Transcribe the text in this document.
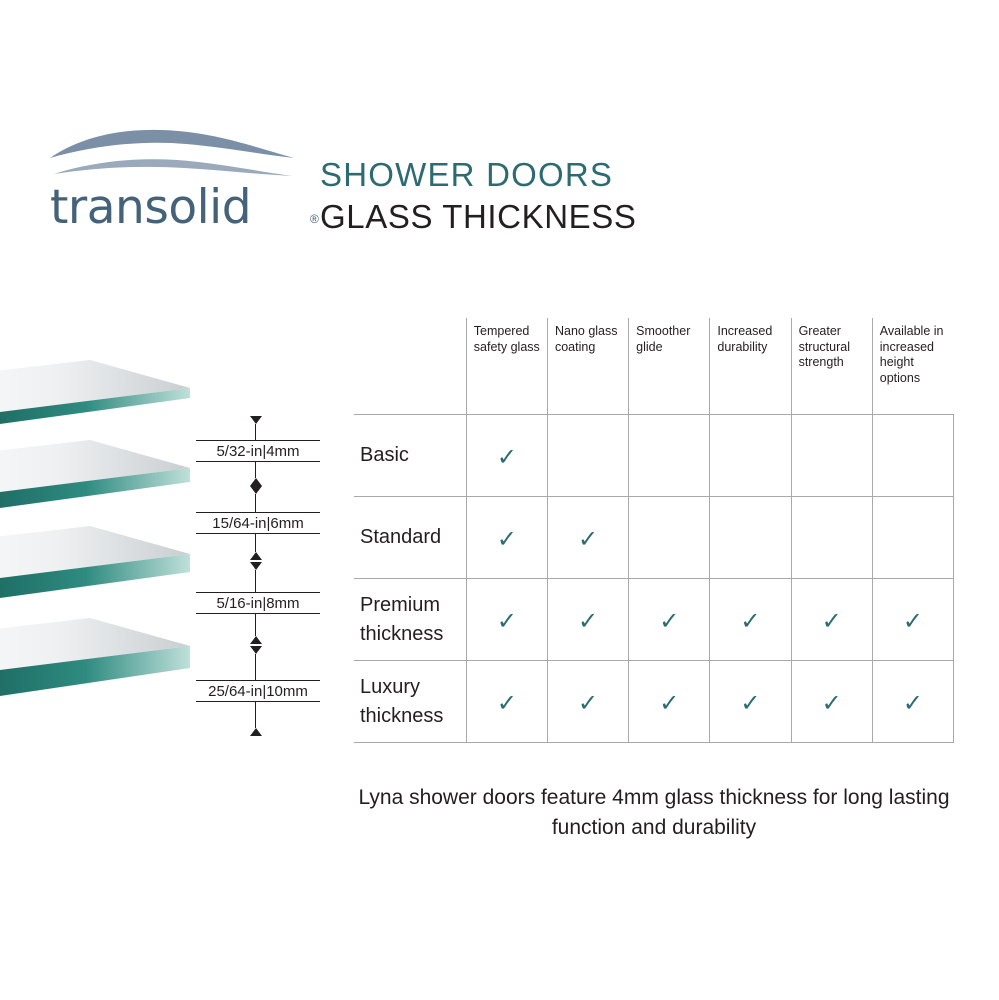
transolid	®
SHOWER DOORS
GLASS THICKNESS
5/32-in|4mm
15/64-in|6mm
5/16-in|8mm
25/64-in|10mm
	Tempered safety glass	Nano glass coating	Smoother glide	Increased durability	Greater structural strength	Available in increased height options
Basic	✓					
Standard	✓	✓				
Premium thickness	✓	✓	✓	✓	✓	✓
Luxury thickness	✓	✓	✓	✓	✓	✓
Lyna shower doors feature 4mm glass thickness for long lasting function and durability
